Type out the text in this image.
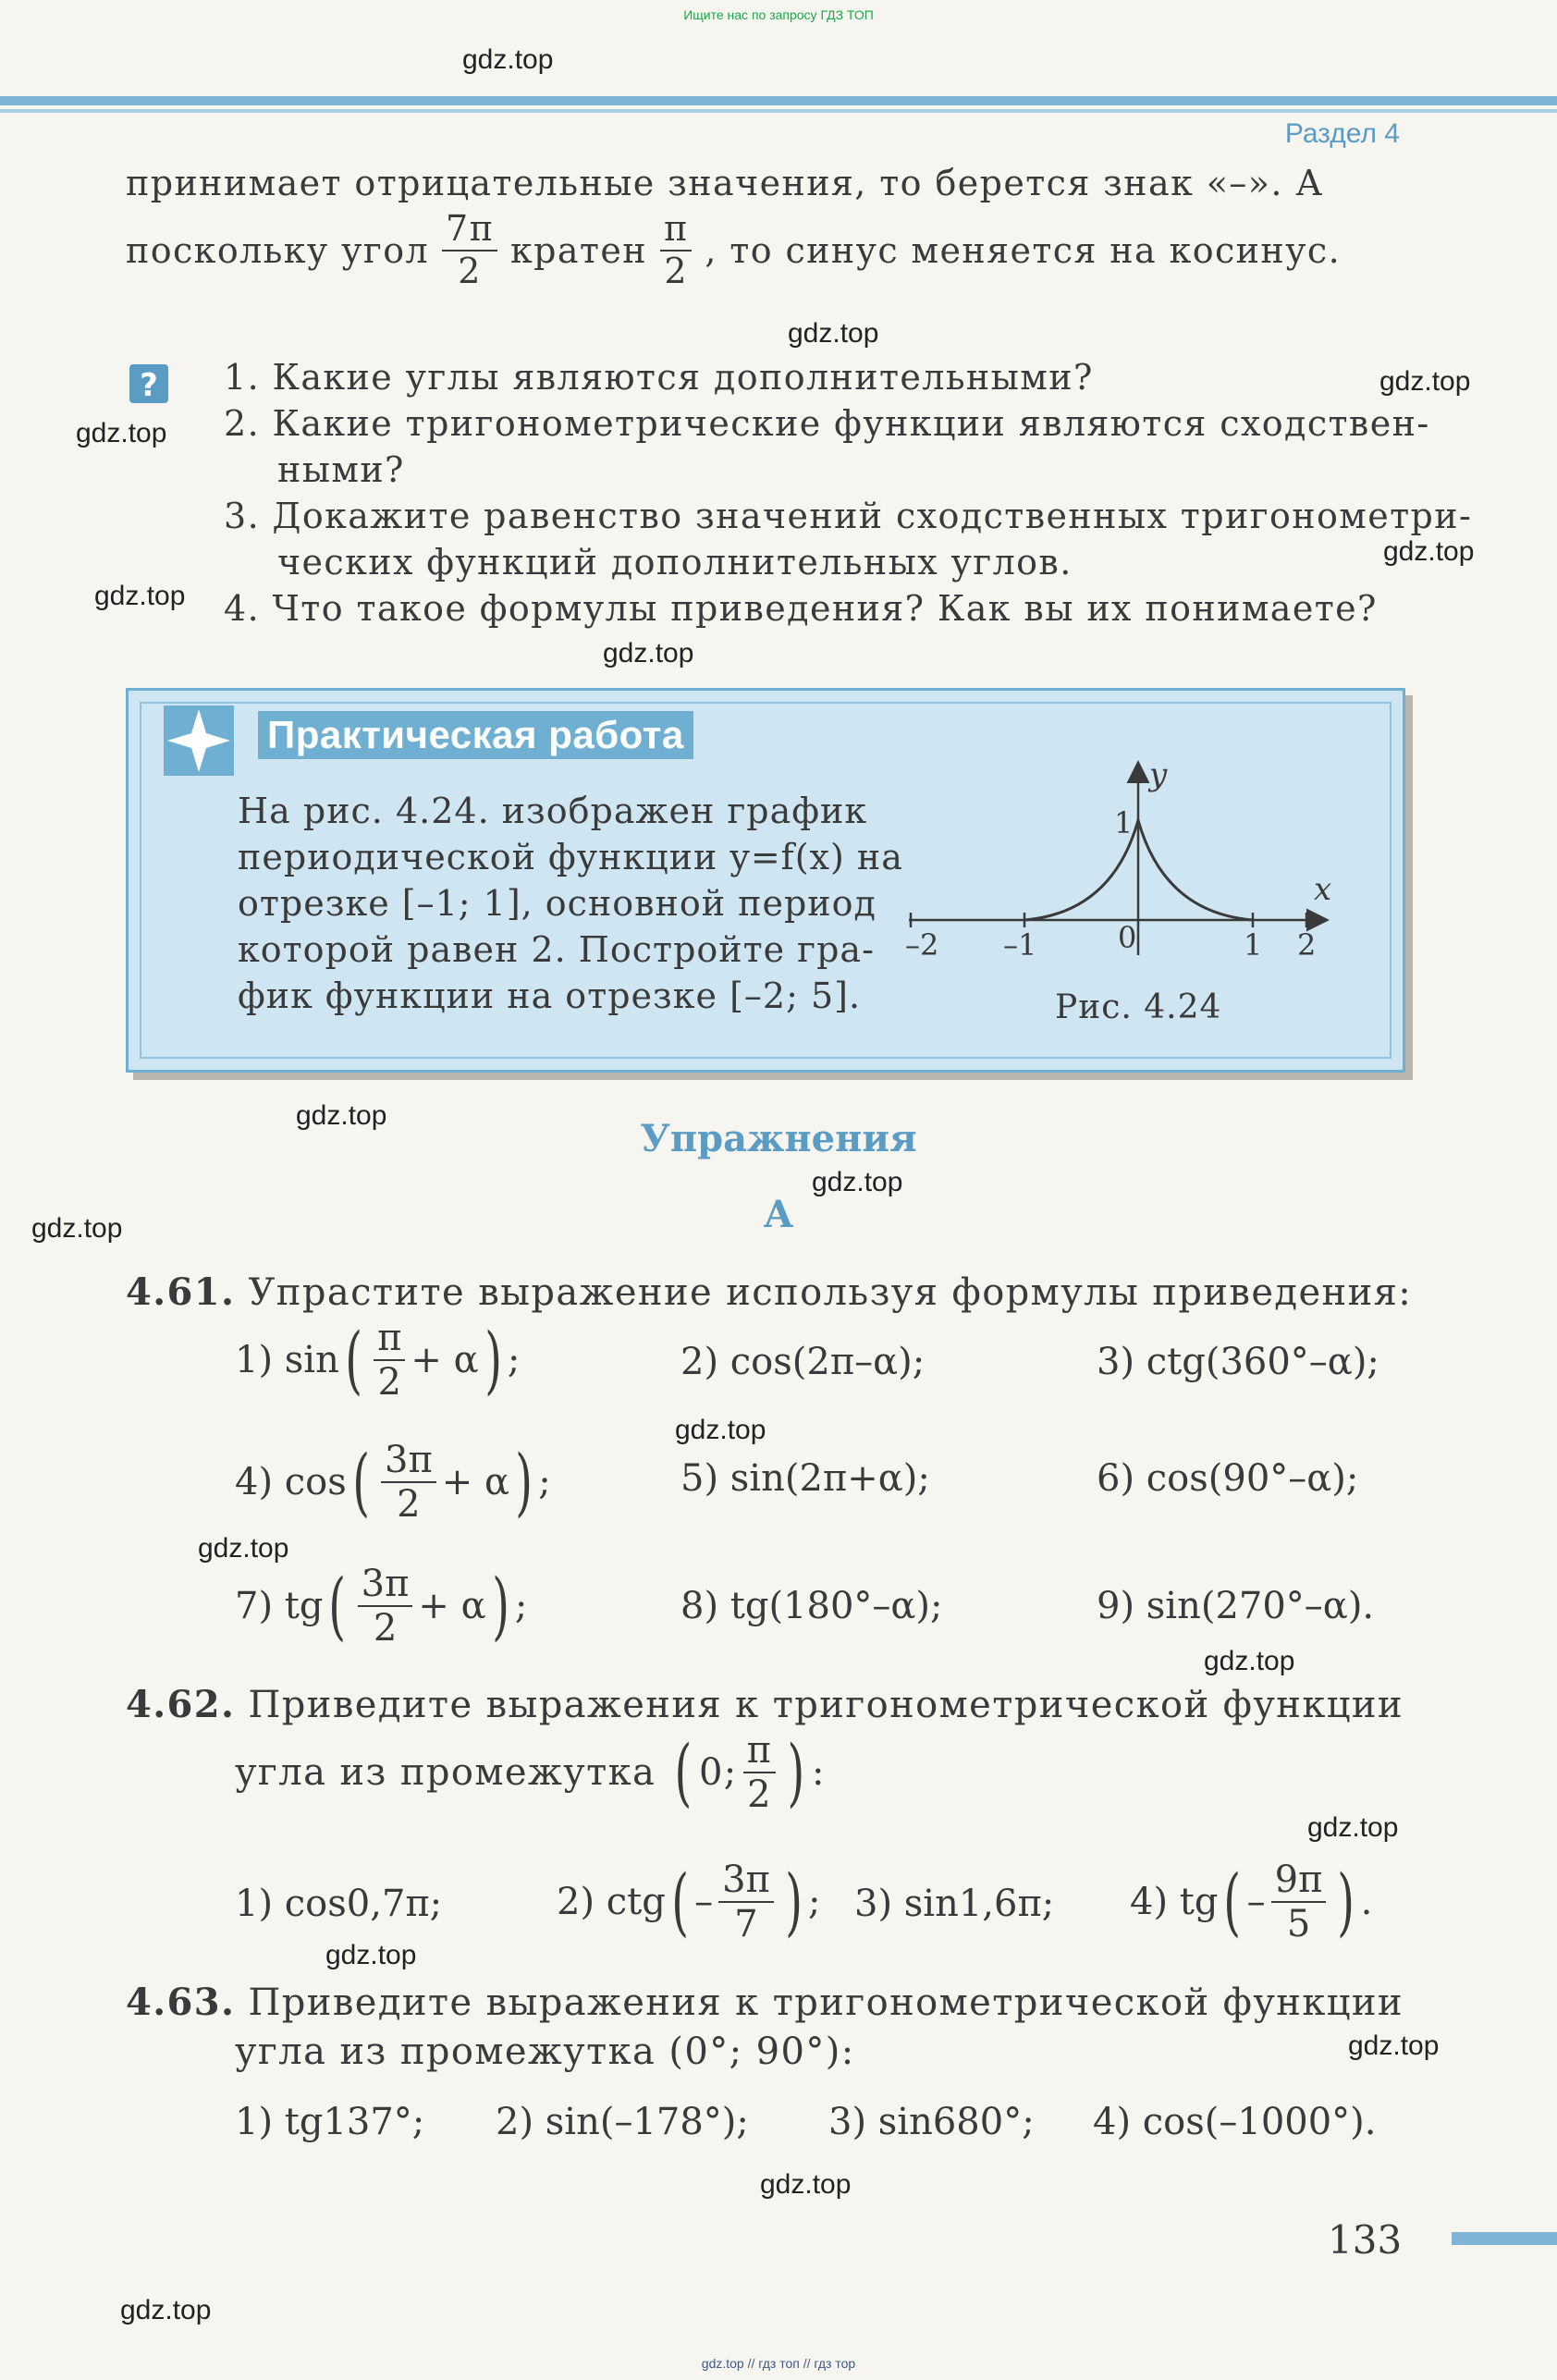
Ищите нас по запросу ГДЗ ТОП
gdz.top
gdz.top
gdz.top
gdz.top
gdz.top
gdz.top
gdz.top
gdz.top
gdz.top
gdz.top
gdz.top
gdz.top
gdz.top
gdz.top
gdz.top
gdz.top
gdz.top
gdz.top
Раздел 4
принимает отрицательные значения, то берется знак «–». А
поскольку угол $\frac{7\pi}{2}$ кратен $\frac{\pi}{2}$ , то синус меняется на косинус.
? 1. Какие углы являются дополнительными?
2. Какие тригонометрические функции являются сходствен-
ными?
3. Докажите равенство значений сходственных тригонометри-
ческих функций дополнительных углов.
4. Что такое формулы приведения? Как вы их понимаете?
Практическая работа
На рис. 4.24. изображен график
периодической функции y=f(x) на
отрезке [–1; 1], основной период
которой равен 2. Постройте гра-
фик функции на отрезке [–2; 5].
1
y
x
–2 –1	0	1 2
Рис. 4.24
Упражнения
А
4.61. Упрастите выражение используя формулы приведения:
1) sin ( $\frac{\pi}{2} + \alpha$ ) ;	2) cos(2π–α);	3) ctg(360°–α);
4) cos ( $\frac{3\pi}{2} + \alpha$ ) ;	5) sin(2π+α);	6) cos(90°–α);
7) tg ( $\frac{3\pi}{2} + \alpha$ ) ;	8) tg(180°–α);	9) sin(270°–α).
4.62. Приведите выражения к тригонометрической функции
угла из промежутка ( 0; $\frac{\pi}{2}$ ) :
1) cos0,7π;	2) ctg ( – $\frac{3\pi}{7}$ ) ; 3) sin1,6π; 4) tg ( – $\frac{9\pi}{5}$ ) .
4.63. Приведите выражения к тригонометрической функции
угла из промежутка (0°; 90°):
1) tg137°; 2) sin(–178°); 3) sin680°; 4) cos(–1000°).
133
gdz.top // гдз топ // гдз тор
